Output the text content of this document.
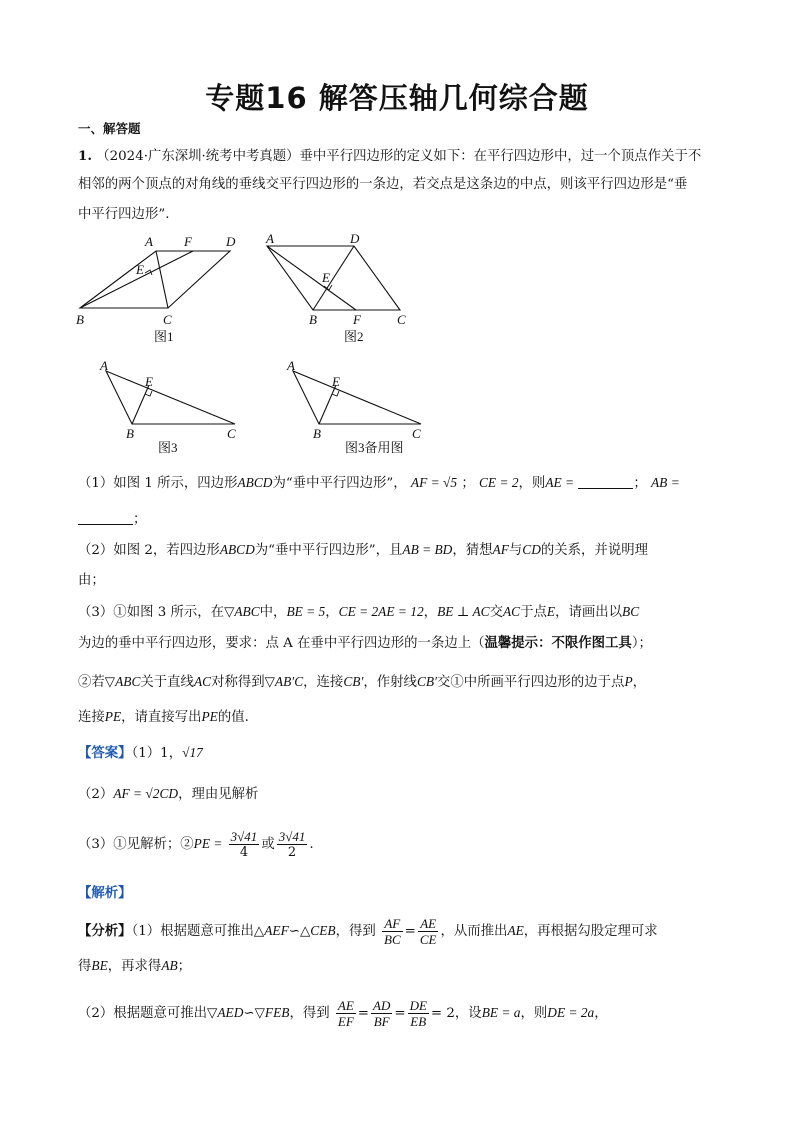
专题16 解答压轴几何综合题
一、解答题
1. （2024·广东深圳·统考中考真题）垂中平行四边形的定义如下：在平行四边形中，过一个顶点作关于不
相邻的两个顶点的对角线的垂线交平行四边形的一条边，若交点是这条边的中点，则该平行四边形是“垂
中平行四边形”.
A F	D
E
B	C
图1
A	D
E
B	F	C
图2
A
E
B	C
图3
A
E
B	C
图3备用图
（1）如图 1 所示，四边形ABCD为“垂中平行四边形”， AF = √5 ； CE = 2，则AE =	； AB =
；
（2）如图 2，若四边形ABCD为“垂中平行四边形”，且AB = BD，猜想AF与CD的关系，并说明理
由；
（3）①如图 3 所示，在▽ABC中，BE = 5，CE = 2AE = 12，BE ⊥ AC交AC于点E，请画出以BC
为边的垂中平行四边形，要求：点 A 在垂中平行四边形的一条边上（温馨提示：不限作图工具）；
②若▽ABC关于直线AC对称得到▽AB′C，连接CB′，作射线CB′交①中所画平行四边形的边于点P，
连接PE，请直接写出PE的值.
【答案】（1）1，√17
（2）AF = √2CD，理由见解析
（3）①见解析；②PE = $\frac{3√41}{4}$ 或 $\frac{3√41}{2}$ .
【解析】
【分析】（1）根据题意可推出△AEF∽△CEB，得到 $\frac{AF}{BC} = \frac{AE}{CE}$ ，从而推出AE，再根据勾股定理可求
得BE，再求得AB；
（2）根据题意可推出▽AED∽▽FEB，得到 $\frac{AE}{EF} = \frac{AD}{BF} = \frac{DE}{EB} = 2$，设BE = a，则DE = 2a，
